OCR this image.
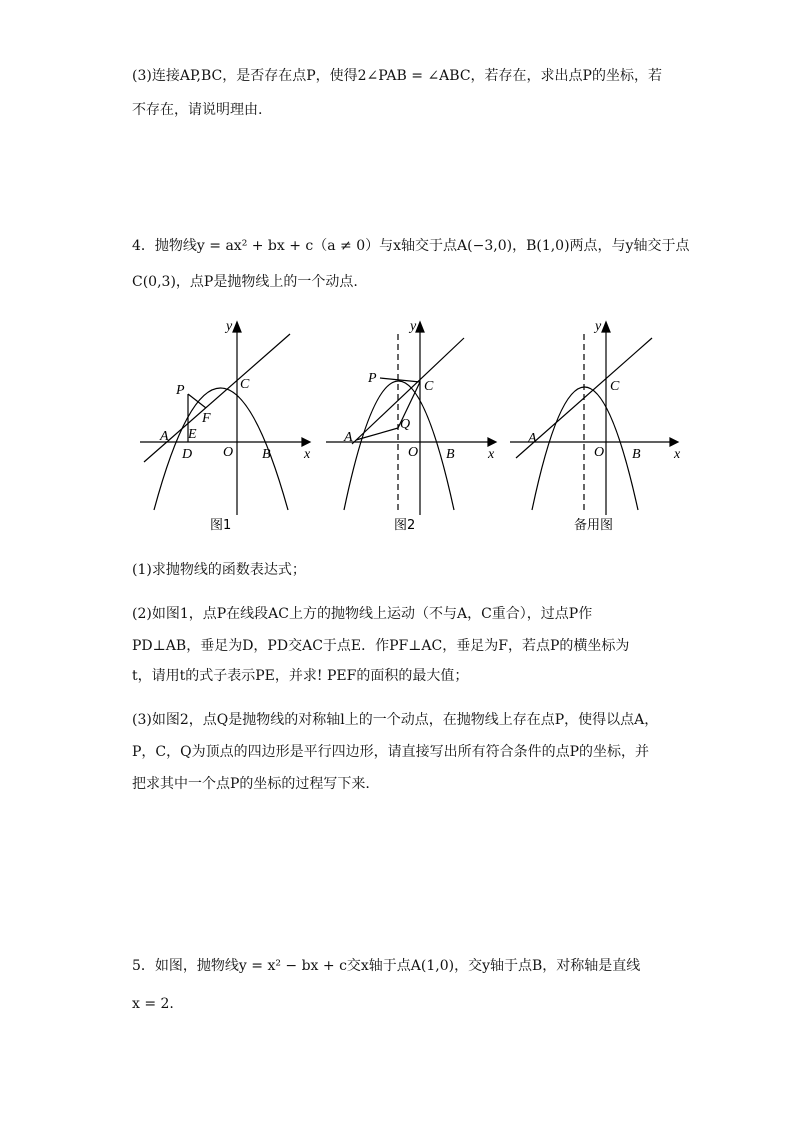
(3)连接AP,BC，是否存在点P，使得2∠PAB = ∠ABC，若存在，求出点P的坐标，若
不存在，请说明理由.
4．抛物线y = ax² + bx + c（a ≠ 0）与x轴交于点A(−3,0)，B(1,0)两点，与y轴交于点
C(0,3)，点P是抛物线上的一个动点.
y
x
P	C
F
A E
D O B
图1
y
x
P
C
Q
A
O B
图2
y
x
C
A
O B
备用图
(1)求抛物线的函数表达式；
(2)如图1，点P在线段AC上方的抛物线上运动（不与A，C重合），过点P作
PD⊥AB，垂足为D，PD交AC于点E．作PF⊥AC，垂足为F，若点P的横坐标为
t，请用t的式子表示PE，并求! PEF的面积的最大值；
(3)如图2，点Q是抛物线的对称轴l上的一个动点，在抛物线上存在点P，使得以点A，
P，C，Q为顶点的四边形是平行四边形，请直接写出所有符合条件的点P的坐标，并
把求其中一个点P的坐标的过程写下来.
5．如图，抛物线y = x² − bx + c交x轴于点A(1,0)，交y轴于点B，对称轴是直线
x = 2.
